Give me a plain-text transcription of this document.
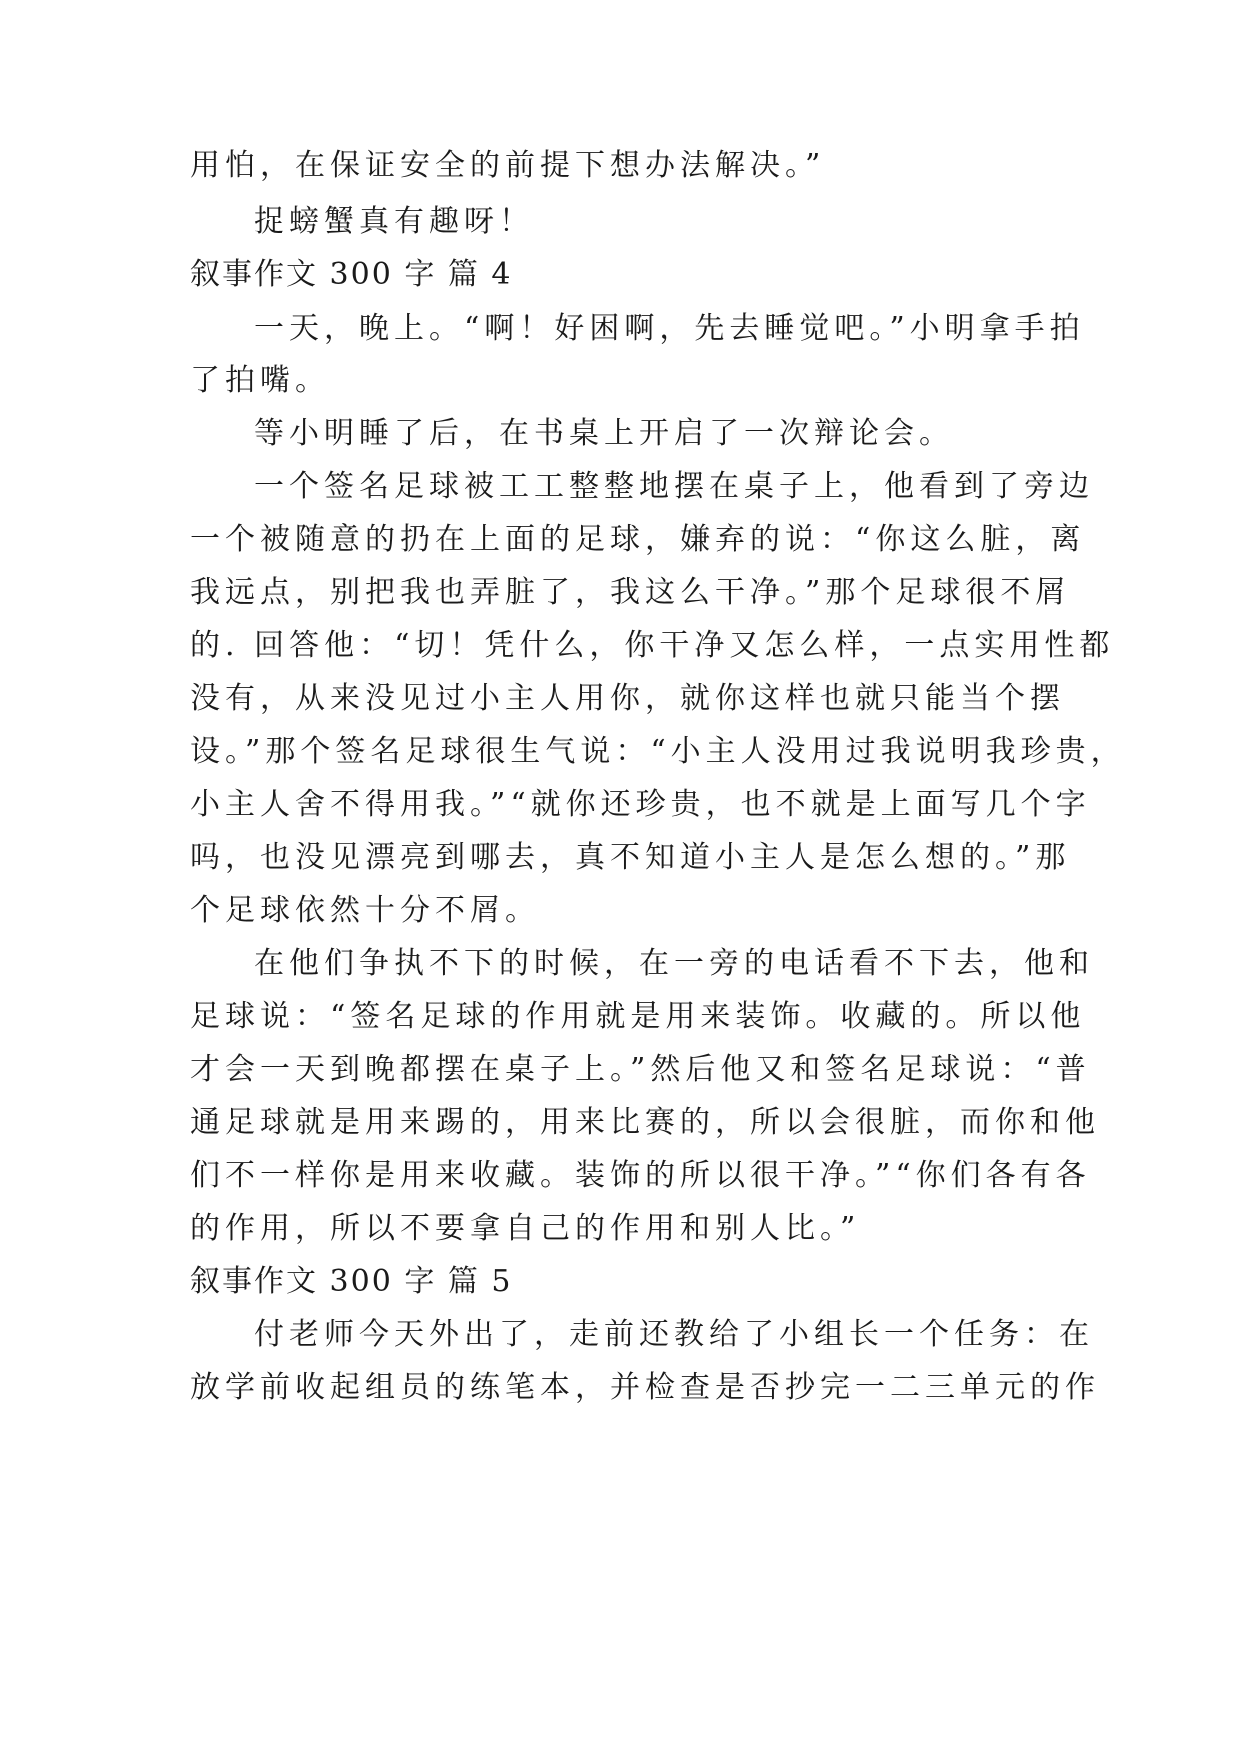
用怕，在保证安全的前提下想办法解决。”
捉螃蟹真有趣呀！
叙事作文 300 字 篇 4
一天，晚上。“啊！好困啊，先去睡觉吧。”小明拿手拍
了拍嘴。
等小明睡了后，在书桌上开启了一次辩论会。
一个签名足球被工工整整地摆在桌子上，他看到了旁边
一个被随意的扔在上面的足球，嫌弃的说：“你这么脏，离
我远点，别把我也弄脏了，我这么干净。”那个足球很不屑
的. 回答他：“切！凭什么，你干净又怎么样，一点实用性都
没有，从来没见过小主人用你，就你这样也就只能当个摆
设。”那个签名足球很生气说：“小主人没用过我说明我珍贵，
小主人舍不得用我。”“就你还珍贵，也不就是上面写几个字
吗，也没见漂亮到哪去，真不知道小主人是怎么想的。”那
个足球依然十分不屑。
在他们争执不下的时候，在一旁的电话看不下去，他和
足球说：“签名足球的作用就是用来装饰。收藏的。所以他
才会一天到晚都摆在桌子上。”然后他又和签名足球说：“普
通足球就是用来踢的，用来比赛的，所以会很脏，而你和他
们不一样你是用来收藏。装饰的所以很干净。”“你们各有各
的作用，所以不要拿自己的作用和别人比。”
叙事作文 300 字 篇 5
付老师今天外出了，走前还教给了小组长一个任务：在
放学前收起组员的练笔本，并检查是否抄完一二三单元的作
